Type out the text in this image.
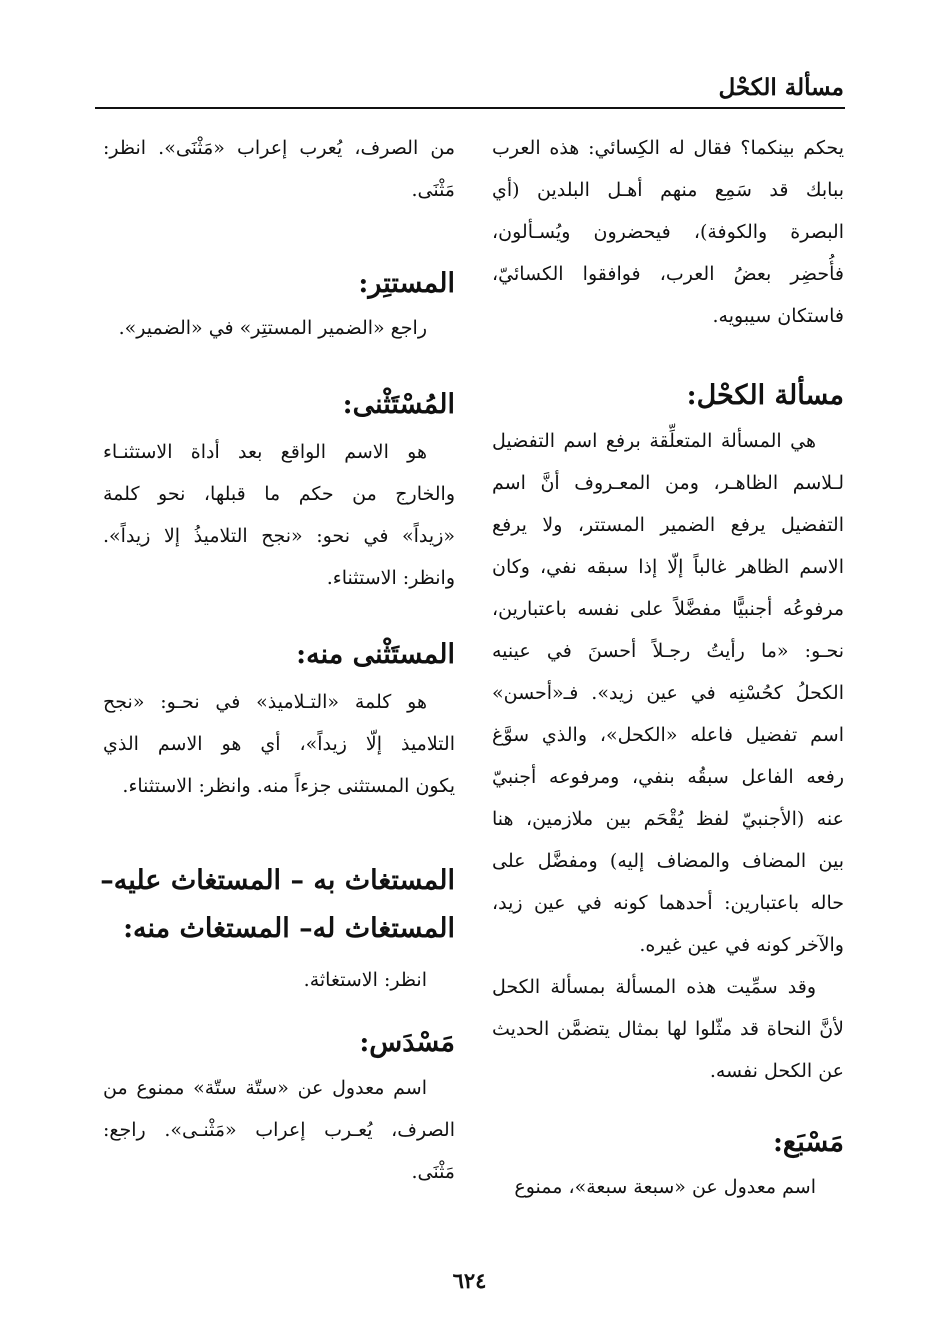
مسألة الكحْل
يحكم بينكما؟ فقال له الكِسائي: هذه العرب
ببابك قد سَمِع منهم أهـل البلدين (أي
البصرة والكوفة)، فيحضرون ويُسـألون،
فأُحضِر بعضُ العرب، فوافقوا الكسائيّ،
فاستكان سيبويه.
مسألة الكحْل:
هي المسألة المتعلِّقة برفع اسم التفضيل
لـلاسم الظاهـر، ومن المعـروف أنَّ اسم
التفضيل يرفع الضمير المستتر، ولا يرفع
الاسم الظاهر غالباً إلّا إذا سبقه نفي، وكان
مرفوعُه أجنبيًّا مفضَّلاً على نفسه باعتبارين،
نحـو: «ما رأيتُ رجـلاً أحسنَ في عينيه
الكحلُ كحُسْنِه في عين زيد». فـ«أحسن»
اسم تفضيل فاعله «الكحل»، والذي سوَّغ
رفعه الفاعل سبقُه بنفي، ومرفوعه أجنبيّ
عنه (الأجنبيّ لفظ يُقْحَم بين ملازمين، هنا
بين المضاف والمضاف إليه) ومفضَّل على
حاله باعتبارين: أحدهما كونه في عين زيد،
والآخر كونه في عين غيره.
وقد سمِّيت هذه المسألة بمسألة الكحل
لأنَّ النحاة قد مثّلوا لها بمثال يتضمَّن الحديث
عن الكحل نفسه.
مَسْبَع:
اسم معدول عن «سبعة سبعة»، ممنوع
من الصرف، يُعرب إعراب «مَثْنَى». انظر:
مَثْنَى.
المستتِر:
راجع «الضمير المستتِر» في «الضمير».
المُسْتَثْنى:
هو الاسم الواقع بعد أداة الاستثنـاء
والخارج من حكم ما قبلها، نحو كلمة
«زيداً» في نحو: «نجح التلاميذُ إلا زيداً».
وانظر: الاستثناء.
المستَثْنى منه:
هو كلمة «التـلاميذ» في نحـو: «نجح
التلاميذ إلّا زيداً»، أي هو الاسم الذي
يكون المستثنى جزءاً منه. وانظر: الاستثناء.
المستغاث به – المستغاث عليه–
المستغاث له– المستغاث منه:
انظر: الاستغاثة.
مَسْدَس:
اسم معدول عن «ستّة ستّة» ممنوع من
الصرف، يُعـرب إعراب «مَثْنـى». راجع:
مَثْنَى.
٦٢٤
